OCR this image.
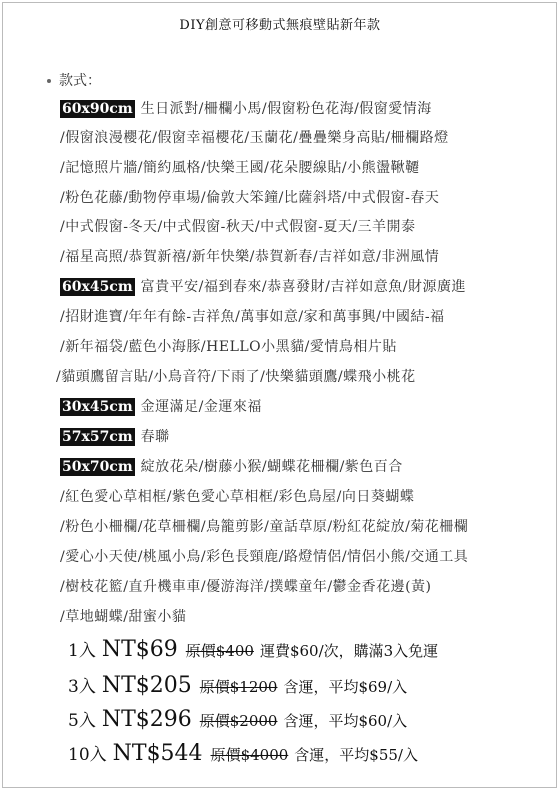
DIY創意可移動式無痕壁貼新年款
款式：
60x90cm 生日派對/柵欄小馬/假窗粉色花海/假窗愛情海
/假窗浪漫櫻花/假窗幸福櫻花/玉蘭花/疊疊樂身高貼/柵欄路燈
/記憶照片牆/簡約風格/快樂王國/花朵腰線貼/小熊盪鞦韆
/粉色花藤/動物停車場/倫敦大笨鐘/比薩斜塔/中式假窗-春天
/中式假窗-冬天/中式假窗-秋天/中式假窗-夏天/三羊開泰
/福星高照/恭賀新禧/新年快樂/恭賀新春/吉祥如意/非洲風情
60x45cm 富貴平安/福到春來/恭喜發財/吉祥如意魚/財源廣進
/招財進寶/年年有餘-吉祥魚/萬事如意/家和萬事興/中國結-福
/新年福袋/藍色小海豚/HELLO小黑貓/愛情鳥相片貼
/貓頭鷹留言貼/小鳥音符/下雨了/快樂貓頭鷹/蝶飛小桃花
30x45cm 金運滿足/金運來福
57x57cm 春聯
50x70cm 綻放花朵/樹藤小猴/蝴蝶花柵欄/紫色百合
/紅色愛心草相框/紫色愛心草相框/彩色鳥屋/向日葵蝴蝶
/粉色小柵欄/花草柵欄/鳥籠剪影/童話草原/粉紅花綻放/菊花柵欄
/愛心小天使/桃風小鳥/彩色長頸鹿/路燈情侶/情侶小熊/交通工具
/樹枝花籃/直升機車車/優游海洋/撲蝶童年/鬱金香花邊(黃)
/草地蝴蝶/甜蜜小貓
1入 NT$69 原價$400 運費$60/次，購滿3入免運
3入 NT$205 原價$1200 含運，平均$69/入
5入 NT$296 原價$2000 含運，平均$60/入
10入 NT$544 原價$4000 含運，平均$55/入
